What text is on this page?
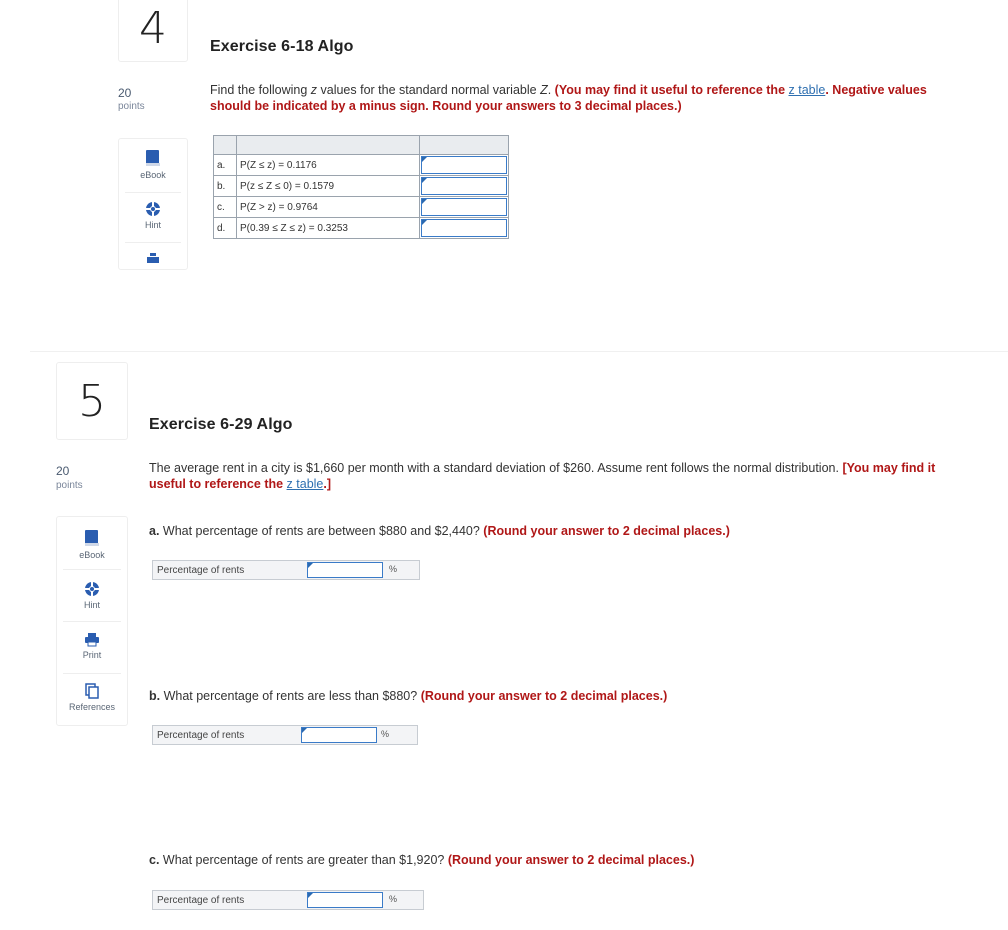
4
20
points
Exercise 6-18 Algo
Find the following z values for the standard normal variable Z. (You may find it useful to reference the z table. Negative values should be indicated by a minus sign. Round your answers to 3 decimal places.)
eBook
Hint

a.	P(Z ≤ z) = 0.1176	

b.	P(z ≤ Z ≤ 0) = 0.1579	

c.	P(Z > z) = 0.9764	

d.	P(0.39 ≤ Z ≤ z) = 0.3253	
5
20
points
Exercise 6-29 Algo
The average rent in a city is $1,660 per month with a standard deviation of $260. Assume rent follows the normal distribution. [You may find it useful to reference the z table.]
eBook
Hint
Print
References
a. What percentage of rents are between $880 and $2,440? (Round your answer to 2 decimal places.)
Percentage of rents	%
b. What percentage of rents are less than $880? (Round your answer to 2 decimal places.)
Percentage of rents	%
c. What percentage of rents are greater than $1,920? (Round your answer to 2 decimal places.)
Percentage of rents	%
